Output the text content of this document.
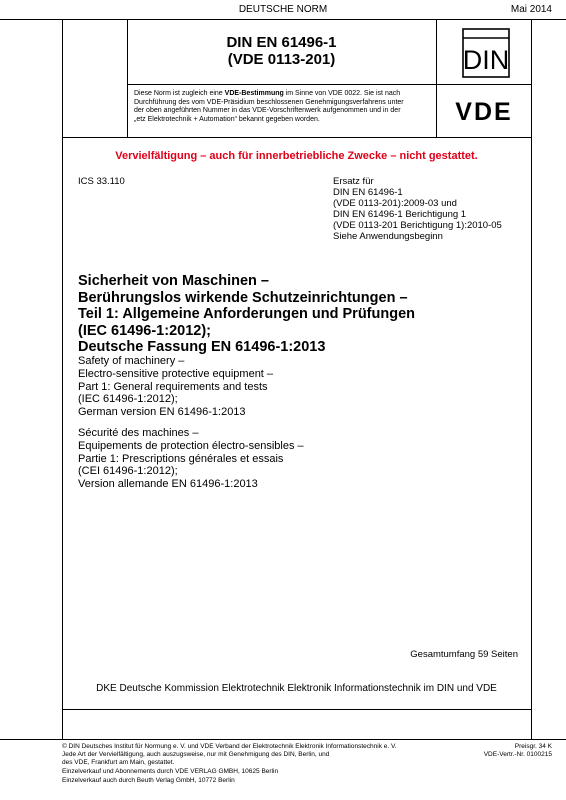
DEUTSCHE NORM	Mai 2014
DIN EN 61496-1
(VDE 0113-201)	DIN
VDE
Diese Norm ist zugleich eine VDE-Bestimmung im Sinne von VDE 0022. Sie ist nach
Durchführung des vom VDE-Präsidium beschlossenen Genehmigungsverfahrens unter
der oben angeführten Nummer in das VDE-Vorschriftenwerk aufgenommen und in der
„etz Elektrotechnik + Automation“ bekannt gegeben worden.
Vervielfältigung – auch für innerbetriebliche Zwecke – nicht gestattet.
ICS 33.110	Ersatz für
DIN EN 61496-1
(VDE 0113-201):2009-03 und
DIN EN 61496-1 Berichtigung 1
(VDE 0113-201 Berichtigung 1):2010-05
Siehe Anwendungsbeginn
Sicherheit von Maschinen –
Berührungslos wirkende Schutzeinrichtungen –
Teil 1: Allgemeine Anforderungen und Prüfungen
(IEC 61496-1:2012);
Deutsche Fassung EN 61496-1:2013
Safety of machinery –
Electro-sensitive protective equipment –
Part 1: General requirements and tests
(IEC 61496-1:2012);
German version EN 61496-1:2013
Sécurité des machines –
Equipements de protection électro-sensibles –
Partie 1: Prescriptions générales et essais
(CEI 61496-1:2012);
Version allemande EN 61496-1:2013
Gesamtumfang 59 Seiten
DKE Deutsche Kommission Elektrotechnik Elektronik Informationstechnik im DIN und VDE
© DIN Deutsches Institut für Normung e. V. und VDE Verband der Elektrotechnik Elektronik Informationstechnik e. V.
Jede Art der Vervielfältigung, auch auszugsweise, nur mit Genehmigung des DIN, Berlin, und
des VDE, Frankfurt am Main, gestattet.
Preisgr. 34 K
VDE-Vertr.-Nr. 0100215
Einzelverkauf und Abonnements durch VDE VERLAG GMBH, 10625 Berlin
Einzelverkauf auch durch Beuth Verlag GmbH, 10772 Berlin
